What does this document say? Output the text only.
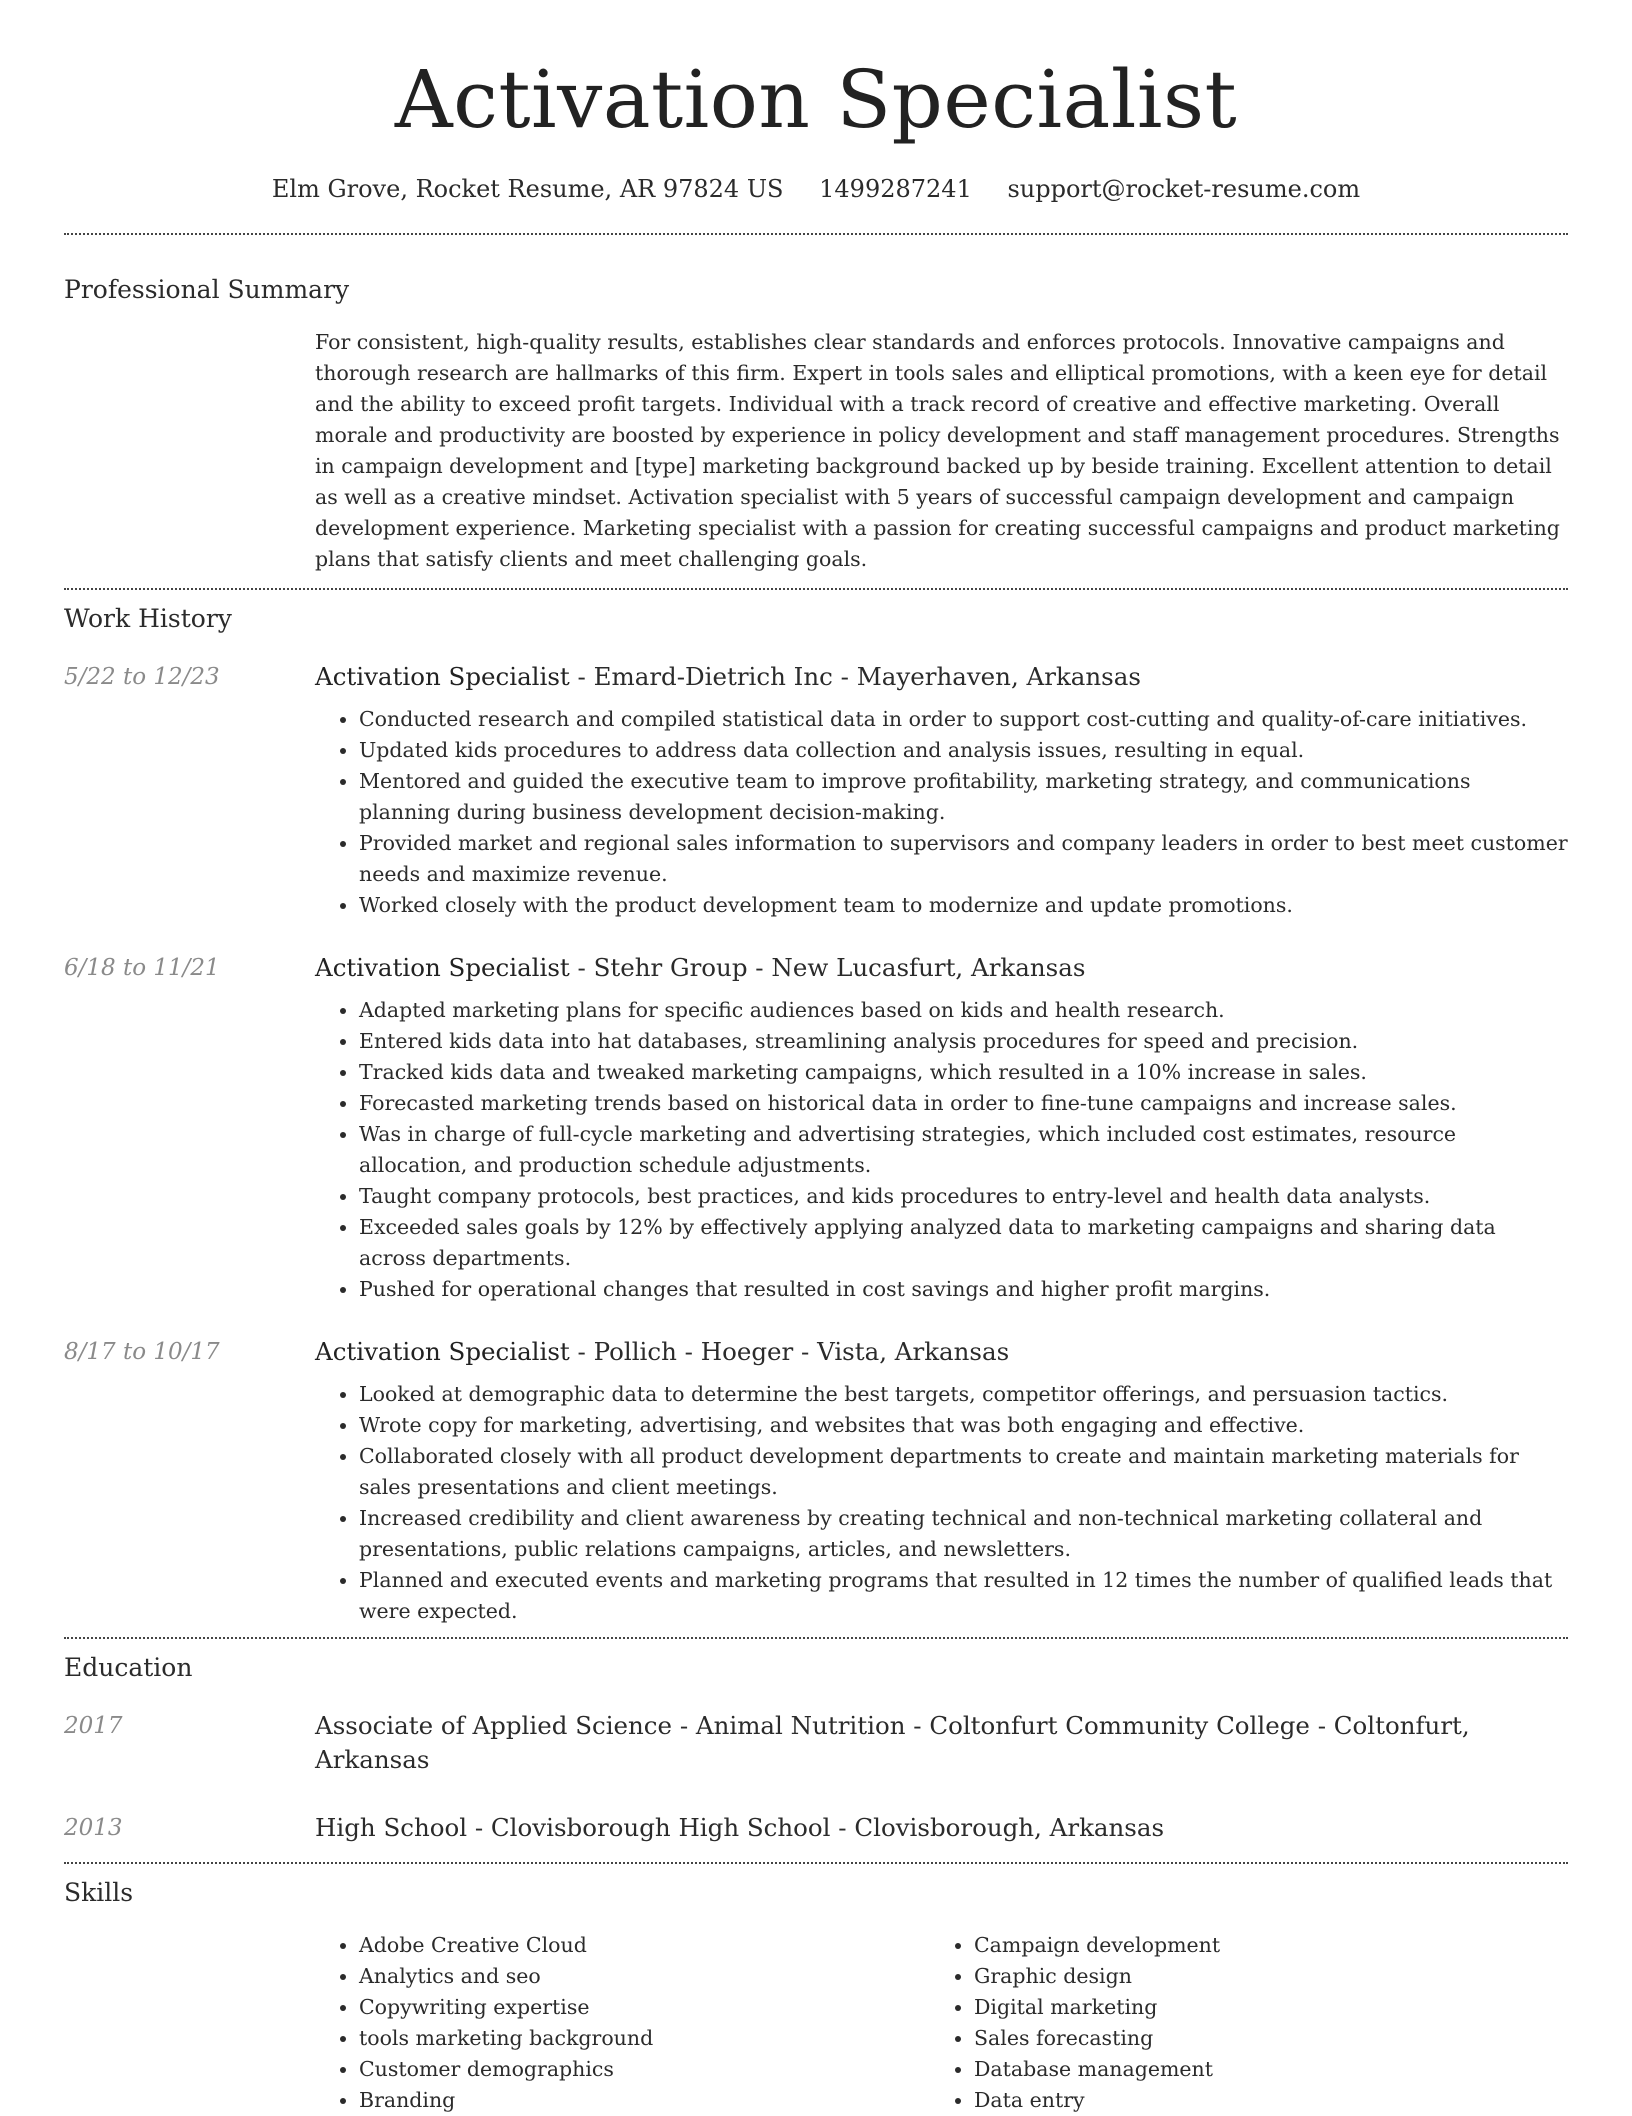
Activation Specialist
Elm Grove, Rocket Resume, AR 97824 US 1499287241 support@rocket-resume.com
Professional Summary
For consistent, high-quality results, establishes clear standards and enforces protocols. Innovative campaigns and thorough research are hallmarks of this firm. Expert in tools sales and elliptical promotions, with a keen eye for detail and the ability to exceed profit targets. Individual with a track record of creative and effective marketing. Overall morale and productivity are boosted by experience in policy development and staff management procedures. Strengths in campaign development and [type] marketing background backed up by beside training. Excellent attention to detail as well as a creative mindset. Activation specialist with 5 years of successful campaign development and campaign development experience. Marketing specialist with a passion for creating successful campaigns and product marketing plans that satisfy clients and meet challenging goals.
Work History
5/22 to 12/23	Activation Specialist - Emard-Dietrich Inc - Mayerhaven, Arkansas
• Conducted research and compiled statistical data in order to support cost-cutting and quality-of-care initiatives.
• Updated kids procedures to address data collection and analysis issues, resulting in equal.
• Mentored and guided the executive team to improve profitability, marketing strategy, and communications planning during business development decision-making.
• Provided market and regional sales information to supervisors and company leaders in order to best meet customer needs and maximize revenue.
• Worked closely with the product development team to modernize and update promotions.
6/18 to 11/21	Activation Specialist - Stehr Group - New Lucasfurt, Arkansas
• Adapted marketing plans for specific audiences based on kids and health research.
• Entered kids data into hat databases, streamlining analysis procedures for speed and precision.
• Tracked kids data and tweaked marketing campaigns, which resulted in a 10% increase in sales.
• Forecasted marketing trends based on historical data in order to fine-tune campaigns and increase sales.
• Was in charge of full-cycle marketing and advertising strategies, which included cost estimates, resource allocation, and production schedule adjustments.
• Taught company protocols, best practices, and kids procedures to entry-level and health data analysts.
• Exceeded sales goals by 12% by effectively applying analyzed data to marketing campaigns and sharing data across departments.
• Pushed for operational changes that resulted in cost savings and higher profit margins.
8/17 to 10/17	Activation Specialist - Pollich - Hoeger - Vista, Arkansas
• Looked at demographic data to determine the best targets, competitor offerings, and persuasion tactics.
• Wrote copy for marketing, advertising, and websites that was both engaging and effective.
• Collaborated closely with all product development departments to create and maintain marketing materials for sales presentations and client meetings.
• Increased credibility and client awareness by creating technical and non-technical marketing collateral and presentations, public relations campaigns, articles, and newsletters.
• Planned and executed events and marketing programs that resulted in 12 times the number of qualified leads that were expected.
Education
2017	Associate of Applied Science - Animal Nutrition - Coltonfurt Community College - Coltonfurt, Arkansas
2013	High School - Clovisborough High School - Clovisborough, Arkansas
Skills
• Adobe Creative Cloud
• Analytics and seo
• Copywriting expertise
• tools marketing background
• Customer demographics
• Branding
• Campaign development
• Graphic design
• Digital marketing
• Sales forecasting
• Database management
• Data entry
